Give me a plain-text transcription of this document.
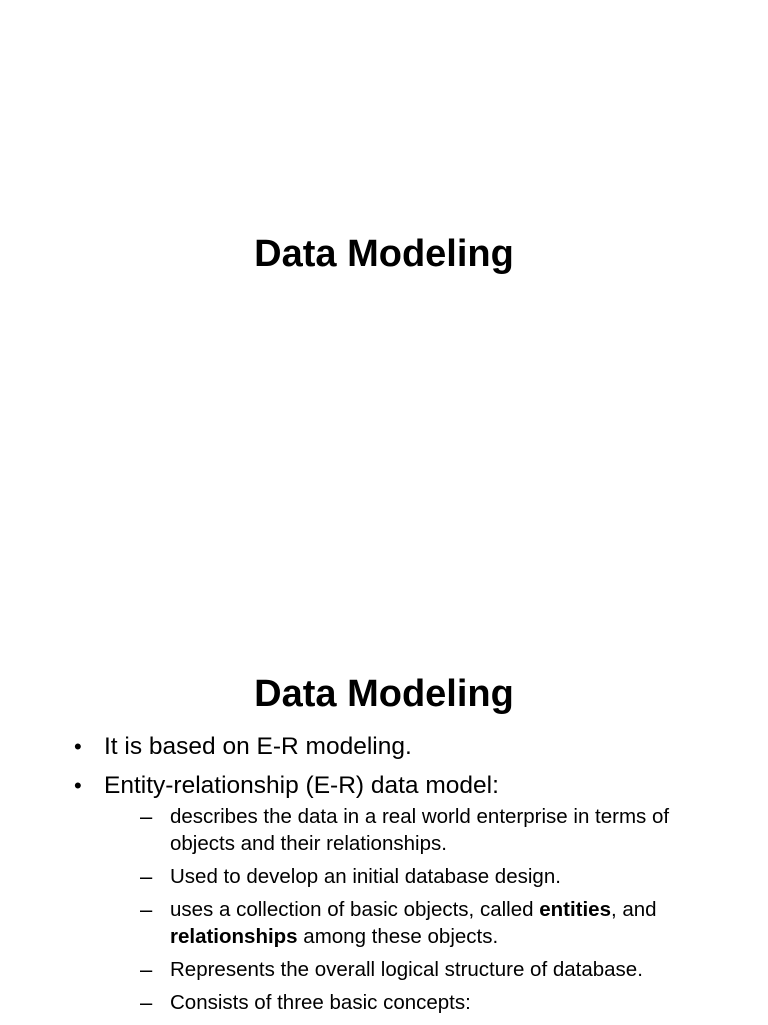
Data Modeling
Data Modeling
• It is based on E-R modeling.
• Entity-relationship (E-R) data model:
– describes the data in a real world enterprise in terms of objects and their relationships.
– Used to develop an initial database design.
– uses a collection of basic objects, called entities, and relationships among these objects.
– Represents the overall logical structure of database.
– Consists of three basic concepts:
